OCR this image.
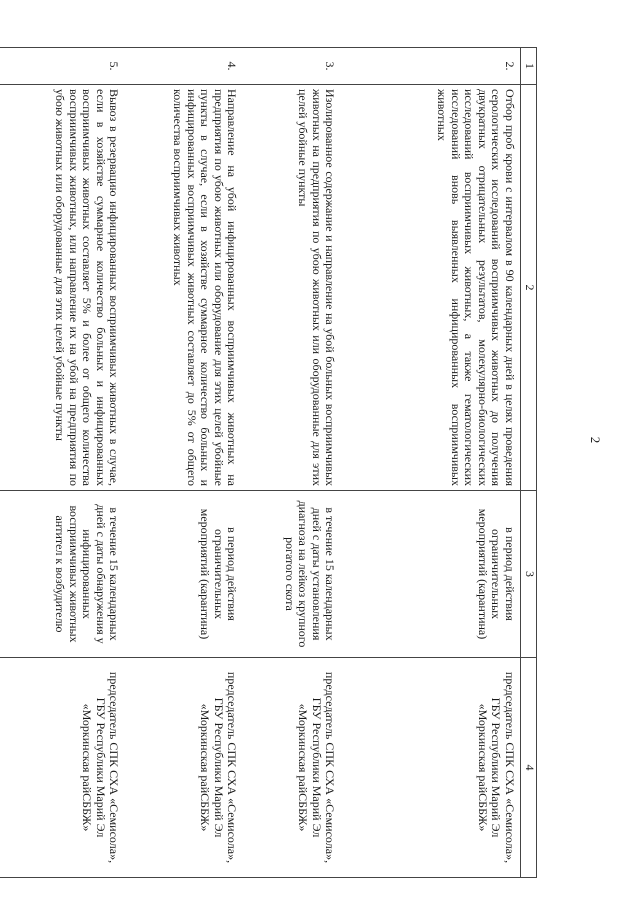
2
1	2	3	4
2.	Отбор проб крови с интервалом в 90 календарных дней в целях проведения серологических исследований восприимчивых животных до получения двукратных отрицательных результатов, молекулярно-биологических исследований восприимчивых животных, а также гематологических исследований вновь выявленных инфицированных восприимчивых животных	в период действия ограничительных мероприятий (карантина)	председатель СПК СХА «Семисола», ГБУ Республики Марий Эл «Моркинская райСББЖ»
3.	Изолированное содержание и направление на убой больных восприимчивых животных на предприятия по убою животных или оборудованные для этих целей убойные пункты	в течение 15 календарных дней с даты установления диагноза на лейкоз крупного рогатого скота	председатель СПК СХА «Семисола», ГБУ Республики Марий Эл «Моркинская райСББЖ»
4.	Направление на убой инфицированных восприимчивых животных на предприятия по убою животных или оборудование для этих целей убойные пункты в случае, если в хозяйстве суммарное количество больных и инфицированных восприимчивых животных составляет до 5% от общего количества восприимчивых животных	в период действия ограничительных мероприятий (карантина)	председатель СПК СХА «Семисола», ГБУ Республики Марий Эл «Моркинская райСББЖ»
5.	Вывоз в резервацию инфицированных восприимчивых животных в случае, если в хозяйстве суммарное количество больных и инфицированных восприимчивых животных составляет 5% и более от общего количества восприимчивых животных, или направление их на убой на предприятия по убою животных или оборудованные для этих целей убойные пункты	в течение 15 календарных дней с даты обнаружения у инфицированных восприимчивых животных антител к возбудителю	председатель СПК СХА «Семисола», ГБУ Республики Марий Эл «Моркинская райСББЖ»
